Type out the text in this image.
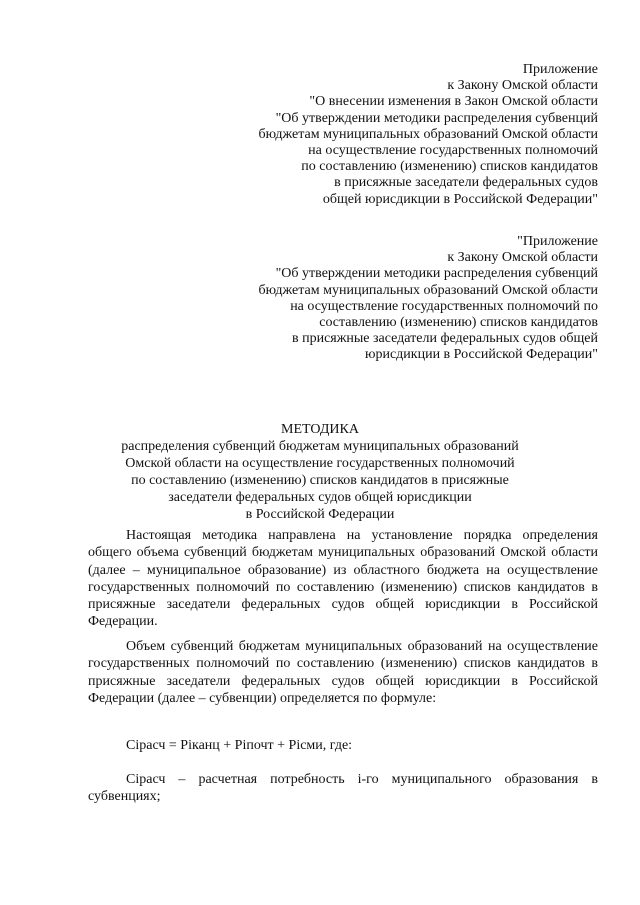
Приложение
к Закону Омской области
"О внесении изменения в Закон Омской области
"Об утверждении методики распределения субвенций
бюджетам муниципальных образований Омской области
на осуществление государственных полномочий
по составлению (изменению) списков кандидатов
в присяжные заседатели федеральных судов
общей юрисдикции в Российской Федерации"
"Приложение
к Закону Омской области
"Об утверждении методики распределения субвенций
бюджетам муниципальных образований Омской области
на осуществление государственных полномочий по
составлению (изменению) списков кандидатов
в присяжные заседатели федеральных судов общей
юрисдикции в Российской Федерации"
МЕТОДИКА
распределения субвенций бюджетам муниципальных образований
Омской области на осуществление государственных полномочий
по составлению (изменению) списков кандидатов в присяжные
заседатели федеральных судов общей юрисдикции
в Российской Федерации
Настоящая методика направлена на установление порядка определения общего объема субвенций бюджетам муниципальных образований Омской области (далее – муниципальное образование) из областного бюджета на осуществление государственных полномочий по составлению (изменению) списков кандидатов в присяжные заседатели федеральных судов общей юрисдикции в Российской Федерации.
Объем субвенций бюджетам муниципальных образований на осуществление государственных полномочий по составлению (изменению) списков кандидатов в присяжные заседатели федеральных судов общей юрисдикции в Российской Федерации (далее – субвенции) определяется по формуле:
Сiрасч = Рiканц + Рiпочт + Рiсми, где:
Сiрасч – расчетная потребность i-го муниципального образования в субвенциях;
